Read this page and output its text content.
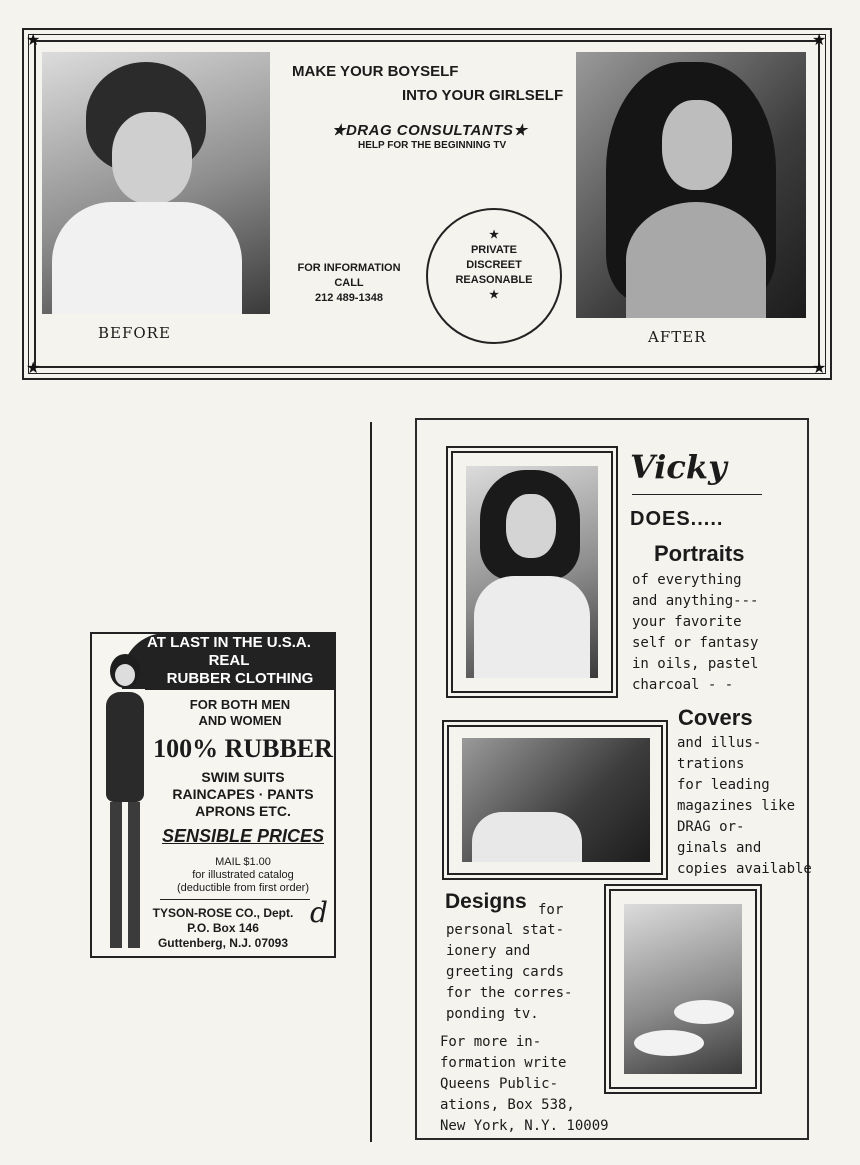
★	★
★	★
BEFORE	AFTER
MAKE YOUR BOYSELF
INTO YOUR GIRLSELF
★DRAG CONSULTANTS★
HELP FOR THE BEGINNING TV
FOR INFORMATION
CALL
212 489-1348
★
PRIVATE
DISCREET
REASONABLE
★
AT LAST IN THE U.S.A.
REAL
RUBBER CLOTHING
FOR BOTH MEN
AND WOMEN
100% RUBBER
SWIM SUITS
RAINCAPES · PANTS
APRONS ETC.
SENSIBLE PRICES
MAIL $1.00
for illustrated catalog
(deductible from first order)
TYSON-ROSE CO., Dept.
P.O. Box 146
Guttenberg, N.J. 07093
d
Vicky
DOES.....
Portraits
of everything
and anything---
your favorite
self or fantasy
in oils, pastel
charcoal - -
Covers
and illus-
trations
for leading
magazines like
DRAG or-
ginals and
copies available
Designs for
personal stat-
ionery and
greeting cards
for the corres-
ponding tv.
For more in-
formation write
Queens Public-
ations, Box 538,
New York, N.Y. 10009
